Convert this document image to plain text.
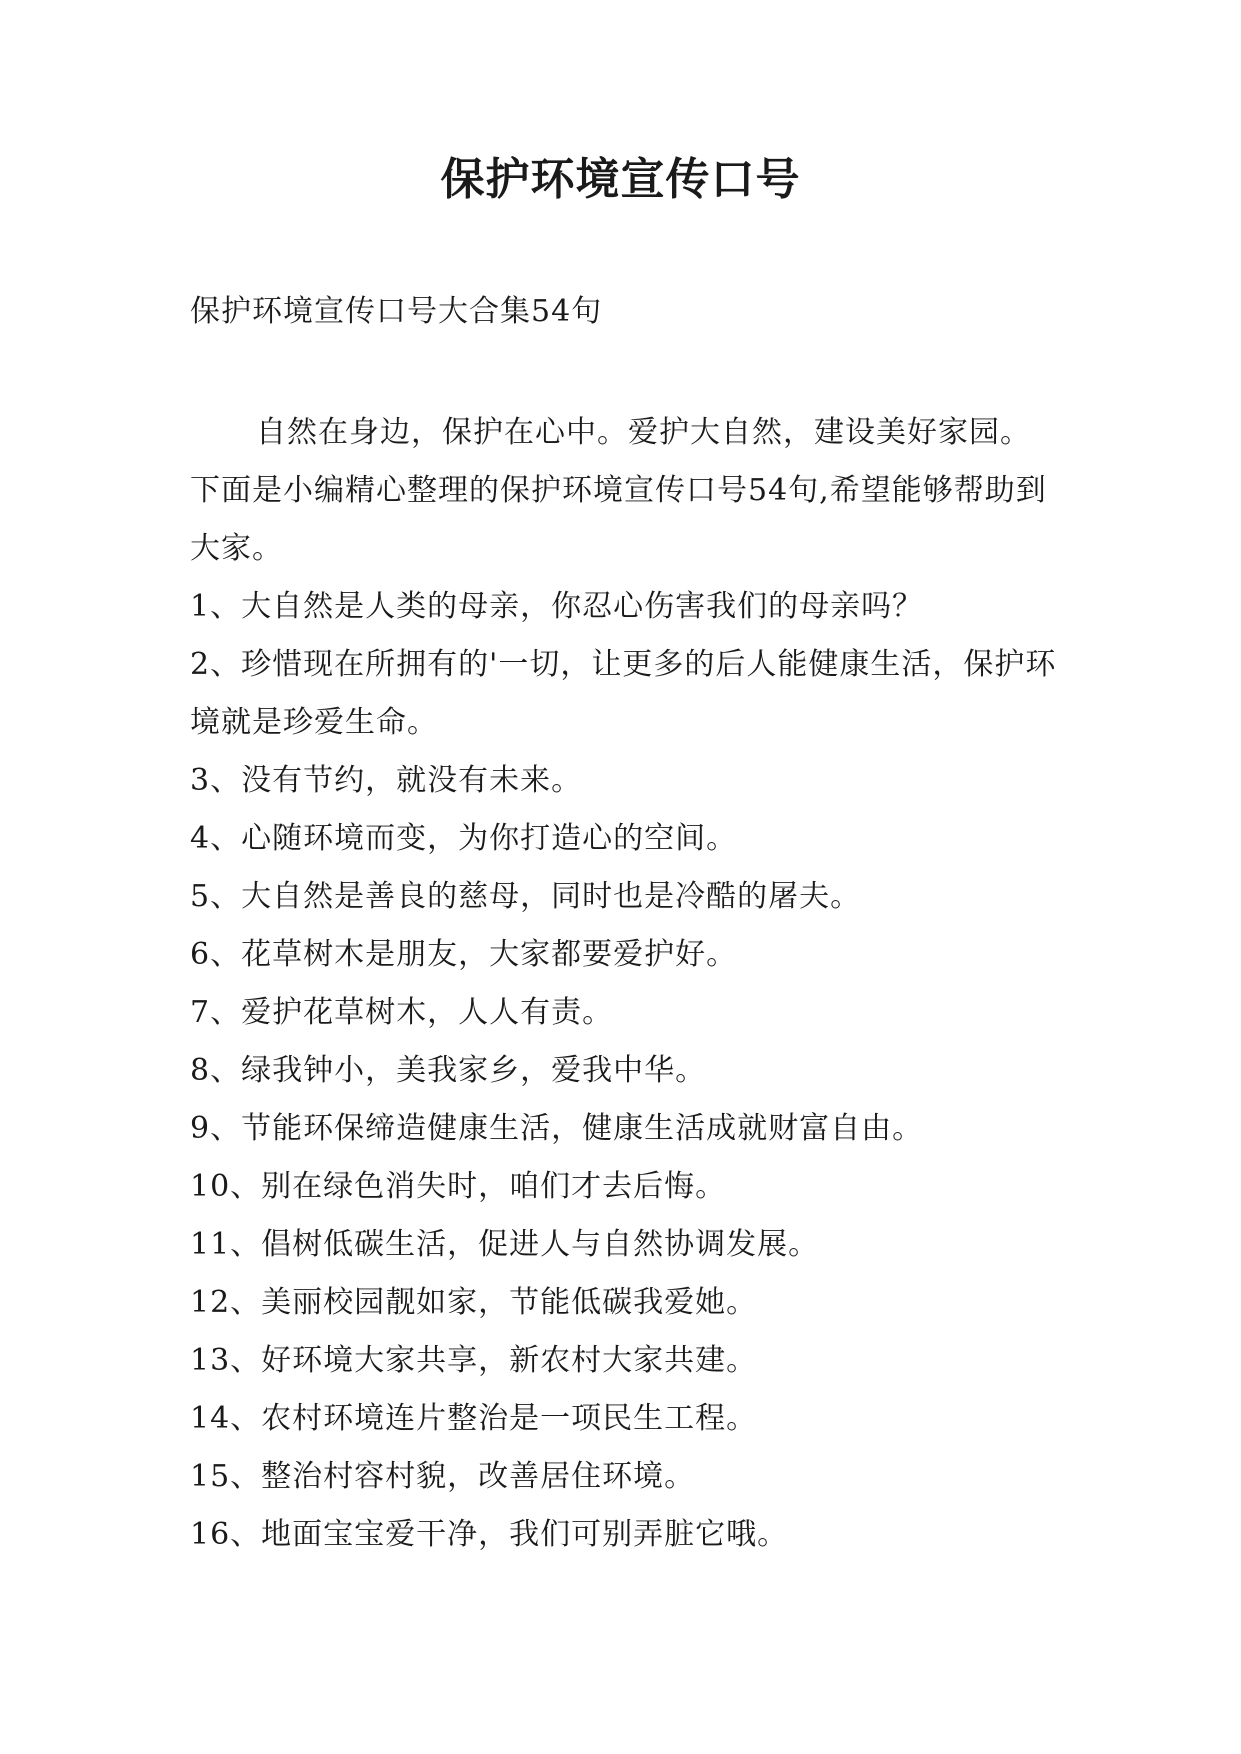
保护环境宣传口号
保护环境宣传口号大合集54句

自然在身边，保护在心中。爱护大自然，建设美好家园。下面是小编精心整理的保护环境宣传口号54句,希望能够帮助到大家。

1、大自然是人类的母亲，你忍心伤害我们的母亲吗？
2、珍惜现在所拥有的'一切，让更多的后人能健康生活，保护环境就是珍爱生命。
3、没有节约，就没有未来。
4、心随环境而变，为你打造心的空间。
5、大自然是善良的慈母，同时也是冷酷的屠夫。
6、花草树木是朋友，大家都要爱护好。
7、爱护花草树木，人人有责。
8、绿我钟小，美我家乡，爱我中华。
9、节能环保缔造健康生活，健康生活成就财富自由。
10、别在绿色消失时，咱们才去后悔。
11、倡树低碳生活，促进人与自然协调发展。
12、美丽校园靓如家，节能低碳我爱她。
13、好环境大家共享，新农村大家共建。
14、农村环境连片整治是一项民生工程。
15、整治村容村貌，改善居住环境。
16、地面宝宝爱干净，我们可别弄脏它哦。
